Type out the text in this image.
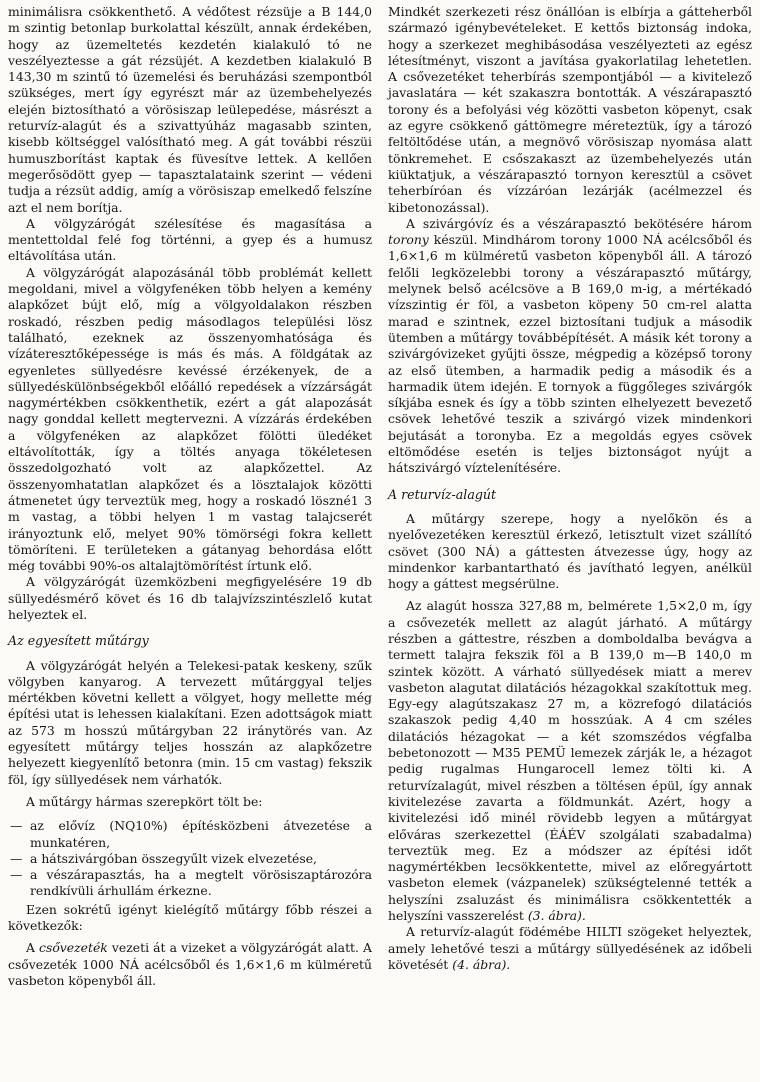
minimálisra csökkenthető. A védőtest rézsüje a B 144,0 m szintig betonlap burkolattal készült, annak érdekében, hogy az üzemeltetés kezdetén kialakuló tó ne veszélyeztesse a gát rézsüjét. A kezdetben kialakuló B 143,30 m szintű tó üzemelési és beruházási szempontból szükséges, mert így egyrészt már az üzembehelyezés elején biztosítható a vörösiszap leülepedése, másrészt a returvíz-alagút és a szivattyúház magasabb szinten, kisebb költséggel valósítható meg. A gát további részüi humuszborítást kaptak és füvesítve lettek. A kellően megerősödött gyep — tapasztalataink szerint — védeni tudja a rézsüt addig, amíg a vörösiszap emelkedő felszíne azt el nem borítja.

A völgyzárógát szélesítése és magasítása a mentettoldal felé fog történni, a gyep és a humusz eltávolítása után.

A völgyzárógát alapozásánál több problémát kellett megoldani, mivel a völgyfenéken több helyen a kemény alapkőzet bújt elő, míg a völgyoldalakon részben roskadó, részben pedig másodlagos települési lösz található, ezeknek az összenyomhatósága és vízáteresztőképessége is más és más. A földgátak az egyenletes süllyedésre kevéssé érzékenyek, de a süllyedéskülönbségekből előálló repedések a vízzárságát nagymértékben csökkenthetik, ezért a gát alapozását nagy gonddal kellett megtervezni. A vízzárás érdekében a völgyfenéken az alapkőzet fölötti üledéket eltávolították, így a töltés anyaga tökéletesen összedolgozható volt az alapkőzettel. Az összenyomhatatlan alapkőzet és a lösztalajok közötti átmenetet úgy terveztük meg, hogy a roskadó löszné1 3 m vastag, a többi helyen 1 m vastag talajcserét irányoztunk elő, melyet 90% tömörségi fokra kellett tömöríteni. E területeken a gátanyag behordása előtt még további 90%-os altalajtömörítést írtunk elő.

A völgyzárógát üzemközbeni megfigyelésére 19 db süllyedésmérő követ és 16 db talajvízszintészlelő kutat helyeztek el.

Az egyesített műtárgy

A völgyzárógát helyén a Telekesi-patak keskeny, szűk völgyben kanyarog. A tervezett műtárggyal teljes mértékben követni kellett a völgyet, hogy mellette még építési utat is lehessen kialakítani. Ezen adottságok miatt az 573 m hosszú műtárgyban 22 iránytörés van. Az egyesített műtárgy teljes hosszán az alapkőzetre helyezett kiegyenlítő betonra (min. 15 cm vastag) fekszik föl, így süllyedések nem várhatók.

A műtárgy hármas szerepkört tölt be:

— az elővíz (NQ10%) építésközbeni átvezetése a munkatéren,
— a hátszivárgóban összegyűlt vizek elvezetése,
— a vészárapasztás, ha a megtelt vörösiszaptározóra rendkívüli árhullám érkezne.

Ezen sokrétű igényt kielégítő műtárgy főbb részei a következők:

A csővezeték vezeti át a vizeket a völgyzárógát alatt. A csővezeték 1000 NÁ acélcsőből és 1,6×1,6 m külméretű vasbeton köpenyből áll.

Mindkét szerkezeti rész önállóan is elbírja a gátteherből származó igénybevételeket. E kettős biztonság indoka, hogy a szerkezet meghibásodása veszélyezteti az egész létesítményt, viszont a javítása gyakorlatilag lehetetlen. A csővezetéket teherbírás szempontjából — a kivitelező javaslatára — két szakaszra bontották. A vészárapasztó torony és a befolyási vég közötti vasbeton köpenyt, csak az egyre csökkenő gáttömegre méreteztük, így a tározó feltöltődése után, a megnövő vörösiszap nyomása alatt tönkremehet. E csőszakaszt az üzembehelyezés után kiüktatjuk, a vészárapasztó tornyon keresztül a csövet teherbíróan és vízzáróan lezárják (acélmezzel és kibetonozással).

A szivárgóvíz és a vészárapasztó bekötésére három torony készül. Mindhárom torony 1000 NÁ acélcsőből és 1,6×1,6 m külméretű vasbeton köpenyből áll. A tározó felőli legközelebbi torony a vészárapasztó műtárgy, melynek belső acélcsöve a B 169,0 m-ig, a mértékadó vízszintig ér föl, a vasbeton köpeny 50 cm-rel alatta marad e szintnek, ezzel biztosítani tudjuk a második ütemben a műtárgy továbbépítését. A másik két torony a szivárgóvizeket gyűjti össze, mégpedig a középső torony az első ütemben, a harmadik pedig a második és a harmadik ütem idején. E tornyok a függőleges szivárgók síkjába esnek és így a több szinten elhelyezett bevezető csövek lehetővé teszik a szivárgó vizek mindenkori bejutását a toronyba. Ez a megoldás egyes csövek eltömődése esetén is teljes biztonságot nyújt a hátszivárgó víztelenítésére.

A returvíz-alagút

A műtárgy szerepe, hogy a nyelőkön és a nyelővezetéken keresztül érkező, letisztult vizet szállító csövet (300 NÁ) a gáttesten átvezesse úgy, hogy az mindenkor karbantartható és javítható legyen, anélkül hogy a gáttest megsérülne.

Az alagút hossza 327,88 m, belmérete 1,5×2,0 m, így a csővezeték mellett az alagút járható. A műtárgy részben a gáttestre, részben a domboldalba bevágva a termett talajra fekszik föl a B 139,0 m—B 140,0 m szintek között. A várható süllyedések miatt a merev vasbeton alagutat dilatációs hézagokkal szakítottuk meg. Egy-egy alagútszakasz 27 m, a közrefogó dilatációs szakaszok pedig 4,40 m hosszúak. A 4 cm széles dilatációs hézagokat — a két szomszédos végfalba bebetonozott — M35 PEMÜ lemezek zárják le, a hézagot pedig rugalmas Hungarocell lemez tölti ki. A returvízalagút, mivel részben a töltésen épül, így annak kivitelezése zavarta a földmunkát. Azért, hogy a kivitelezési idő minél rövidebb legyen a műtárgyat előváras szerkezettel (ÉÁÉV szolgálati szabadalma) terveztük meg. Ez a módszer az építési időt nagymértékben lecsökkentette, mivel az előregyártott vasbeton elemek (vázpanelek) szükségtelenné tették a helyszíni zsaluzást és minimálisra csökkentették a helyszíni vasszerelést (3. ábra).

A returvíz-alagút födémébe HILTI szögeket helyeztek, amely lehetővé teszi a műtárgy süllyedésének az időbeli követését (4. ábra).
